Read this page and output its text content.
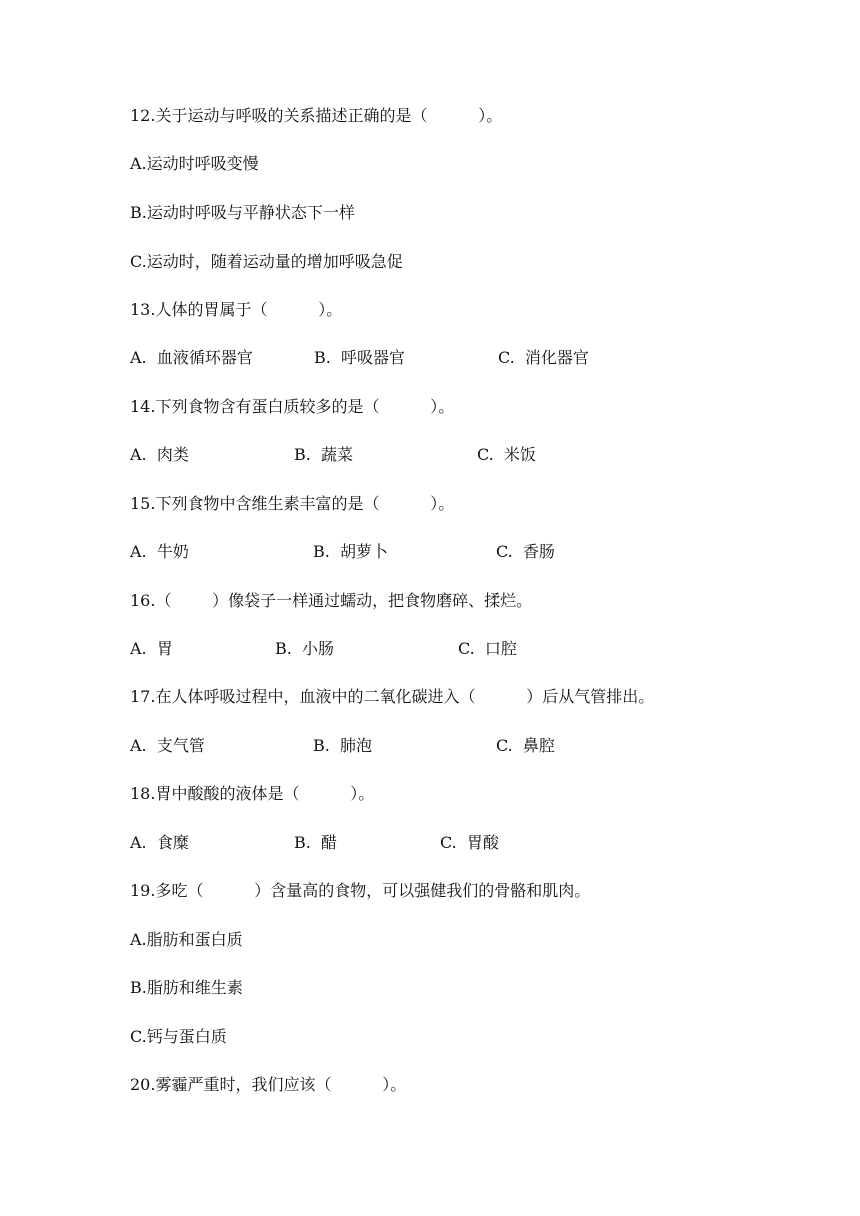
12.关于运动与呼吸的关系描述正确的是（          ）。
A.运动时呼吸变慢
B.运动时呼吸与平静状态下一样
C.运动时，随着运动量的增加呼吸急促
13.人体的胃属于（          ）。
A.  血液循环器官	B.  呼吸器官	C.  消化器官
14.下列食物含有蛋白质较多的是（          ）。
A.  肉类	B.  蔬菜	C.  米饭
15.下列食物中含维生素丰富的是（          ）。
A.  牛奶	B.  胡萝卜	C.  香肠
16.（        ）像袋子一样通过蠕动，把食物磨碎、揉烂。
A.  胃	B.  小肠	C.  口腔
17.在人体呼吸过程中，血液中的二氧化碳进入（          ）后从气管排出。
A.  支气管	B.  肺泡	C.  鼻腔
18.胃中酸酸的液体是（          ）。
A.  食糜	B.  醋	C.  胃酸
19.多吃（          ）含量高的食物，可以强健我们的骨骼和肌肉。
A.脂肪和蛋白质
B.脂肪和维生素
C.钙与蛋白质
20.雾霾严重时，我们应该（          ）。
